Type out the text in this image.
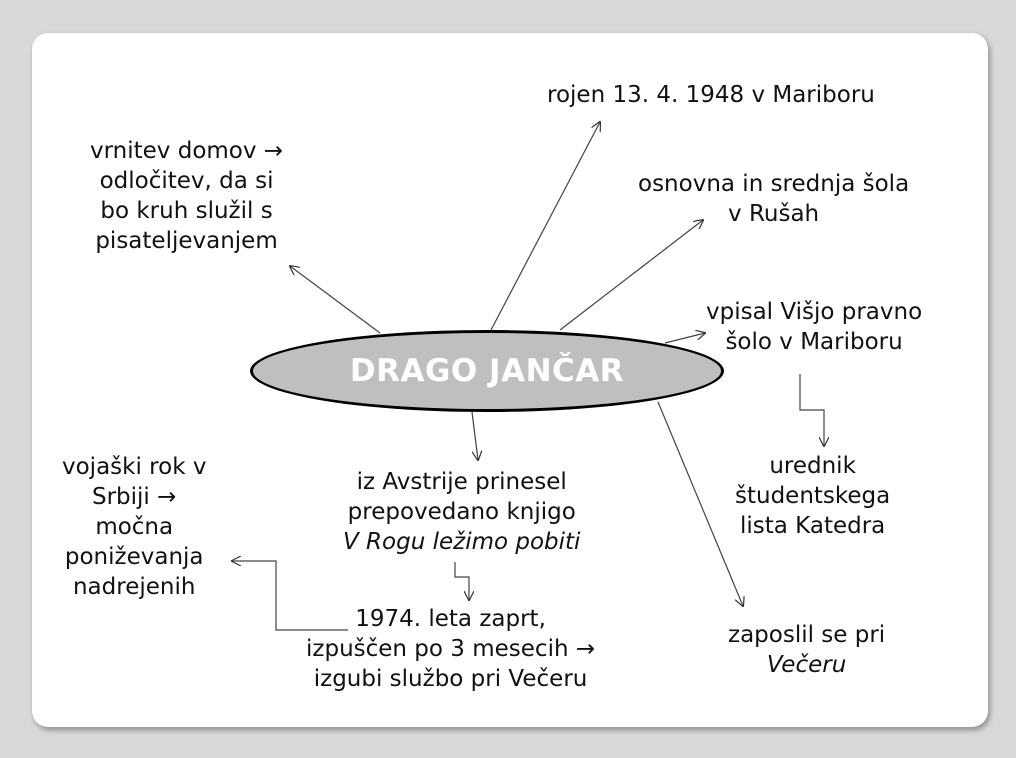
DRAGO JANČAR
rojen 13. 4. 1948 v Mariboru
osnovna in srednja šola
v Rušah
vpisal Višjo pravno
šolo v Mariboru
urednik
študentskega
lista Katedra
zaposlil se pri
Večeru
iz Avstrije prinesel
prepovedano knjigo
V Rogu ležimo pobiti
1974. leta zaprt,
izpuščen po 3 mesecih →
izgubi službo pri Večeru
vojaški rok v
Srbiji →
močna
poniževanja
nadrejenih
vrnitev domov →
odločitev, da si
bo kruh služil s
pisateljevanjem
